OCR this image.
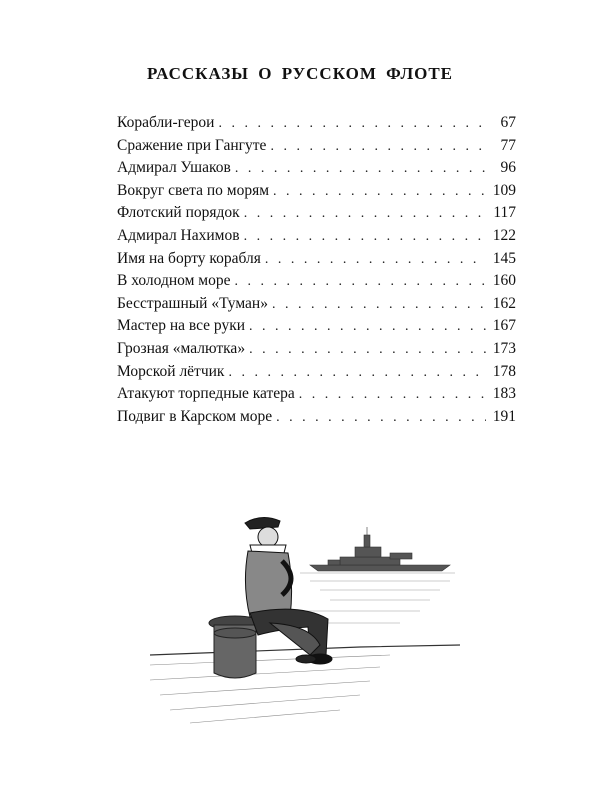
РАССКАЗЫ О РУССКОМ ФЛОТЕ
Корабли-герои . . .	67
Сражение при Гангуте . . .	77
Адмирал Ушаков . . .	96
Вокруг света по морям . . .	109
Флотский порядок . . .	117
Адмирал Нахимов . . .	122
Имя на борту корабля . . .	145
В холодном море . . .	160
Бесстрашный «Туман» . . .	162
Мастер на все руки . . .	167
Грозная «малютка» . . .	173
Морской лётчик . . .	178
Атакуют торпедные катера . . .	183
Подвиг в Карском море . . .	191
